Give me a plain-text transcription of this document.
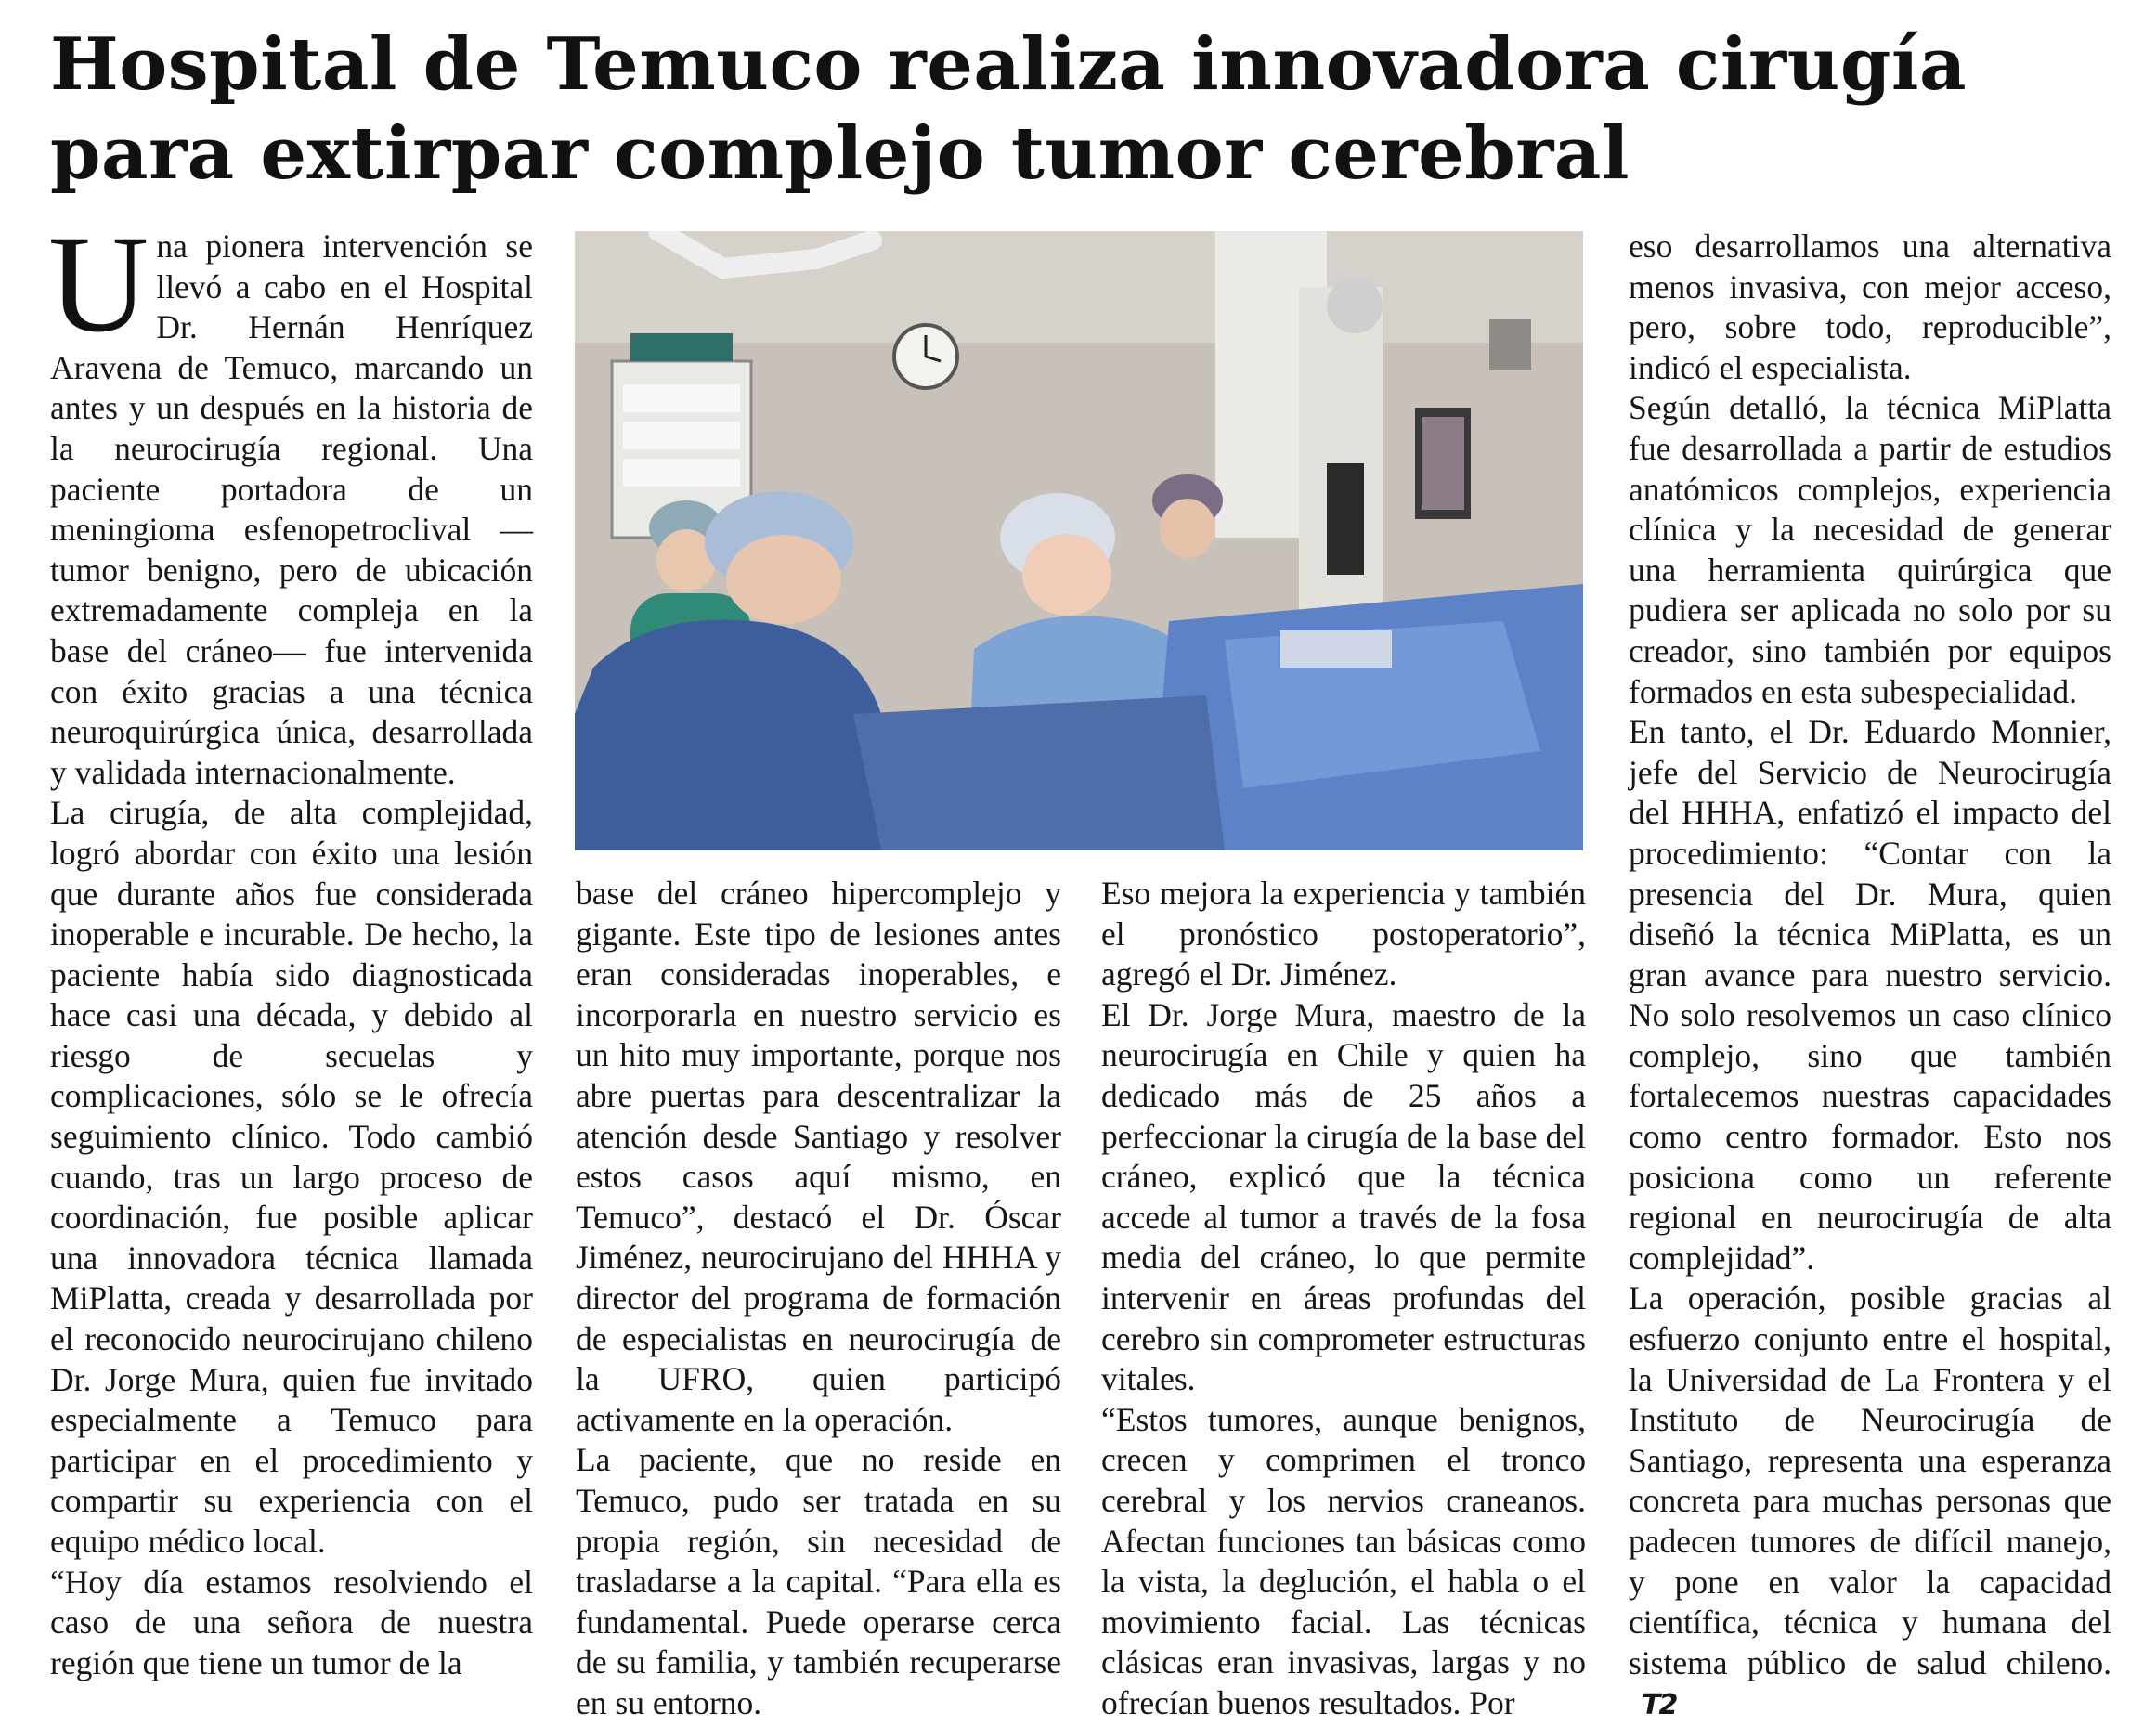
Hospital de Temuco realiza innovadora cirugía para extirpar complejo tumor cerebral

Una pionera intervención se llevó a cabo en el Hospital Dr. Hernán Henríquez Aravena de Temuco, marcando un antes y un después en la historia de la neurocirugía regional. Una paciente portadora de un meningioma esfenopetroclival —tumor benigno, pero de ubicación extremadamente compleja en la base del cráneo— fue intervenida con éxito gracias a una técnica neuroquirúrgica única, desarrollada y validada internacionalmente.

La cirugía, de alta complejidad, logró abordar con éxito una lesión que durante años fue considerada inoperable e incurable. De hecho, la paciente había sido diagnosticada hace casi una década, y debido al riesgo de secuelas y complicaciones, sólo se le ofrecía seguimiento clínico. Todo cambió cuando, tras un largo proceso de coordinación, fue posible aplicar una innovadora técnica llamada MiPlatta, creada y desarrollada por el reconocido neurocirujano chileno Dr. Jorge Mura, quien fue invitado especialmente a Temuco para participar en el procedimiento y compartir su experiencia con el equipo médico local.

“Hoy día estamos resolviendo el caso de una señora de nuestra región que tiene un tumor de la

base del cráneo hipercomplejo y gigante. Este tipo de lesiones antes eran consideradas inoperables, e incorporarla en nuestro servicio es un hito muy importante, porque nos abre puertas para descentralizar la atención desde Santiago y resolver estos casos aquí mismo, en Temuco”, destacó el Dr. Óscar Jiménez, neurocirujano del HHHA y director del programa de formación de especialistas en neurocirugía de la UFRO, quien participó activamente en la operación.

La paciente, que no reside en Temuco, pudo ser tratada en su propia región, sin necesidad de trasladarse a la capital. “Para ella es fundamental. Puede operarse cerca de su familia, y también recuperarse en su entorno.

Eso mejora la experiencia y también el pronóstico postoperatorio”, agregó el Dr. Jiménez.

El Dr. Jorge Mura, maestro de la neurocirugía en Chile y quien ha dedicado más de 25 años a perfeccionar la cirugía de la base del cráneo, explicó que la técnica accede al tumor a través de la fosa media del cráneo, lo que permite intervenir en áreas profundas del cerebro sin comprometer estructuras vitales.

“Estos tumores, aunque benignos, crecen y comprimen el tronco cerebral y los nervios craneanos. Afectan funciones tan básicas como la vista, la deglución, el habla o el movimiento facial. Las técnicas clásicas eran invasivas, largas y no ofrecían buenos resultados. Por

eso desarrollamos una alternativa menos invasiva, con mejor acceso, pero, sobre todo, reproducible”, indicó el especialista.

Según detalló, la técnica MiPlatta fue desarrollada a partir de estudios anatómicos complejos, experiencia clínica y la necesidad de generar una herramienta quirúrgica que pudiera ser aplicada no solo por su creador, sino también por equipos formados en esta subespecialidad.

En tanto, el Dr. Eduardo Monnier, jefe del Servicio de Neurocirugía del HHHA, enfatizó el impacto del procedimiento: “Contar con la presencia del Dr. Mura, quien diseñó la técnica MiPlatta, es un gran avance para nuestro servicio. No solo resolvemos un caso clínico complejo, sino que también fortalecemos nuestras capacidades como centro formador. Esto nos posiciona como un referente regional en neurocirugía de alta complejidad”.

La operación, posible gracias al esfuerzo conjunto entre el hospital, la Universidad de La Frontera y el Instituto de Neurocirugía de Santiago, representa una esperanza concreta para muchas personas que padecen tumores de difícil manejo, y pone en valor la capacidad científica, técnica y humana del sistema público de salud chileno.T2
